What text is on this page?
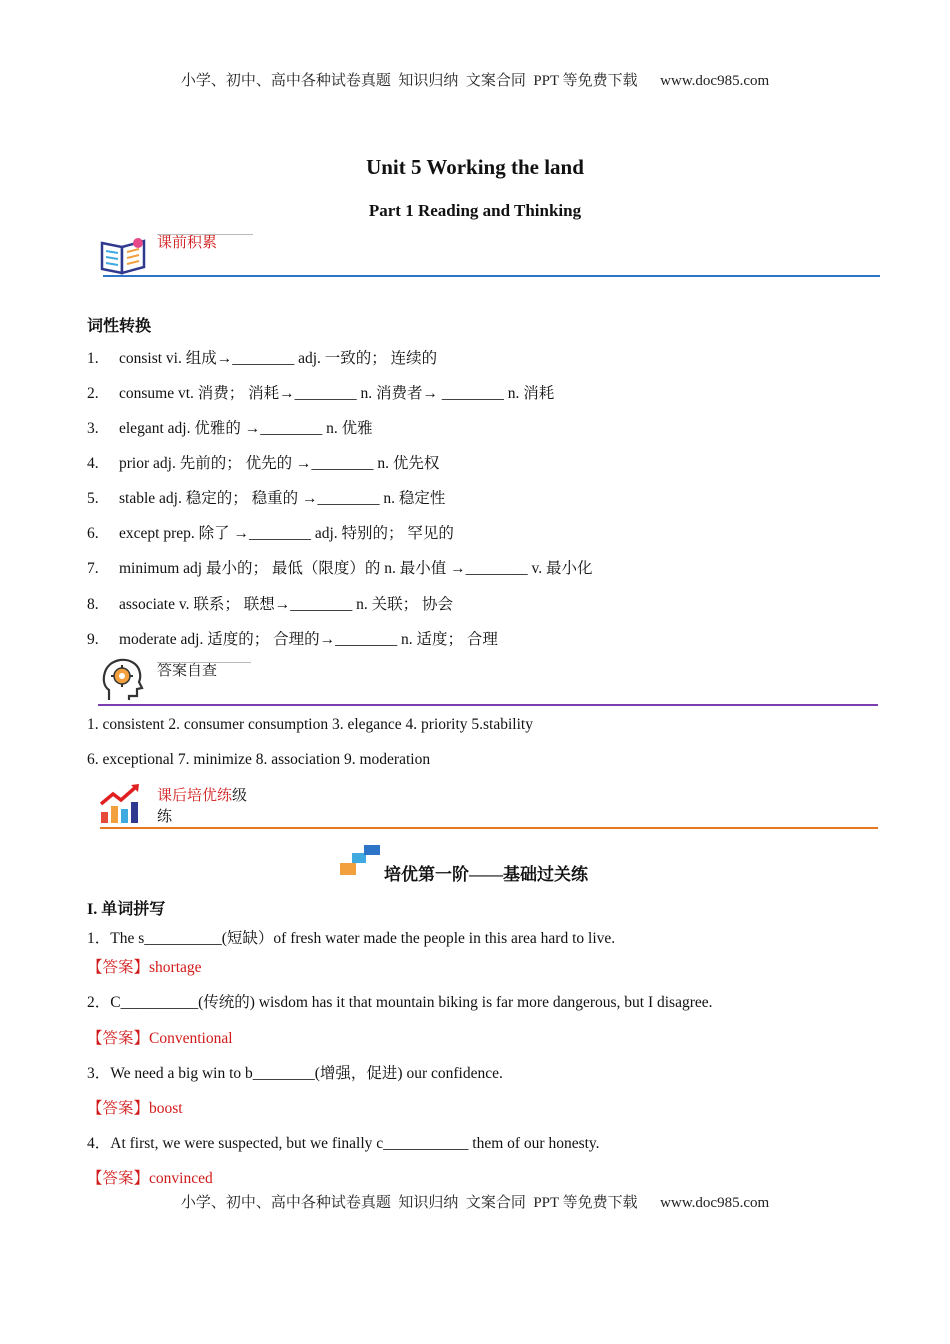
小学、初中、高中各种试卷真题  知识归纳  文案合同  PPT 等免费下载      www.doc985.com
Unit 5 Working the land
Part 1 Reading and Thinking
课前积累
词性转换
1. consist vi. 组成→________ adj. 一致的； 连续的
2. consume vt. 消费； 消耗→________ n. 消费者→ ________ n. 消耗
3. elegant adj. 优雅的 →________ n. 优雅
4. prior adj. 先前的； 优先的 →________ n. 优先权
5. stable adj. 稳定的； 稳重的 →________ n. 稳定性
6. except prep. 除了 →________ adj. 特别的； 罕见的
7. minimum adj 最小的； 最低（限度）的 n. 最小值 →________ v. 最小化
8. associate v. 联系； 联想→________ n. 关联； 协会
9. moderate adj. 适度的； 合理的→________ n. 适度； 合理
答案自查
1. consistent 2. consumer consumption 3. elegance 4. priority 5.stability
6. exceptional 7. minimize 8. association 9. moderation
课后培优练级
练
培优第一阶——基础过关练
I. 单词拼写
1．The s__________(短缺）of fresh water made the people in this area hard to live.
【答案】shortage
2．C__________(传统的) wisdom has it that mountain biking is far more dangerous, but I disagree.
【答案】Conventional
3．We need a big win to b________(增强，促进) our confidence.
【答案】boost
4．At first, we were suspected, but we finally c___________ them of our honesty.
【答案】convinced
小学、初中、高中各种试卷真题  知识归纳  文案合同  PPT 等免费下载      www.doc985.com
